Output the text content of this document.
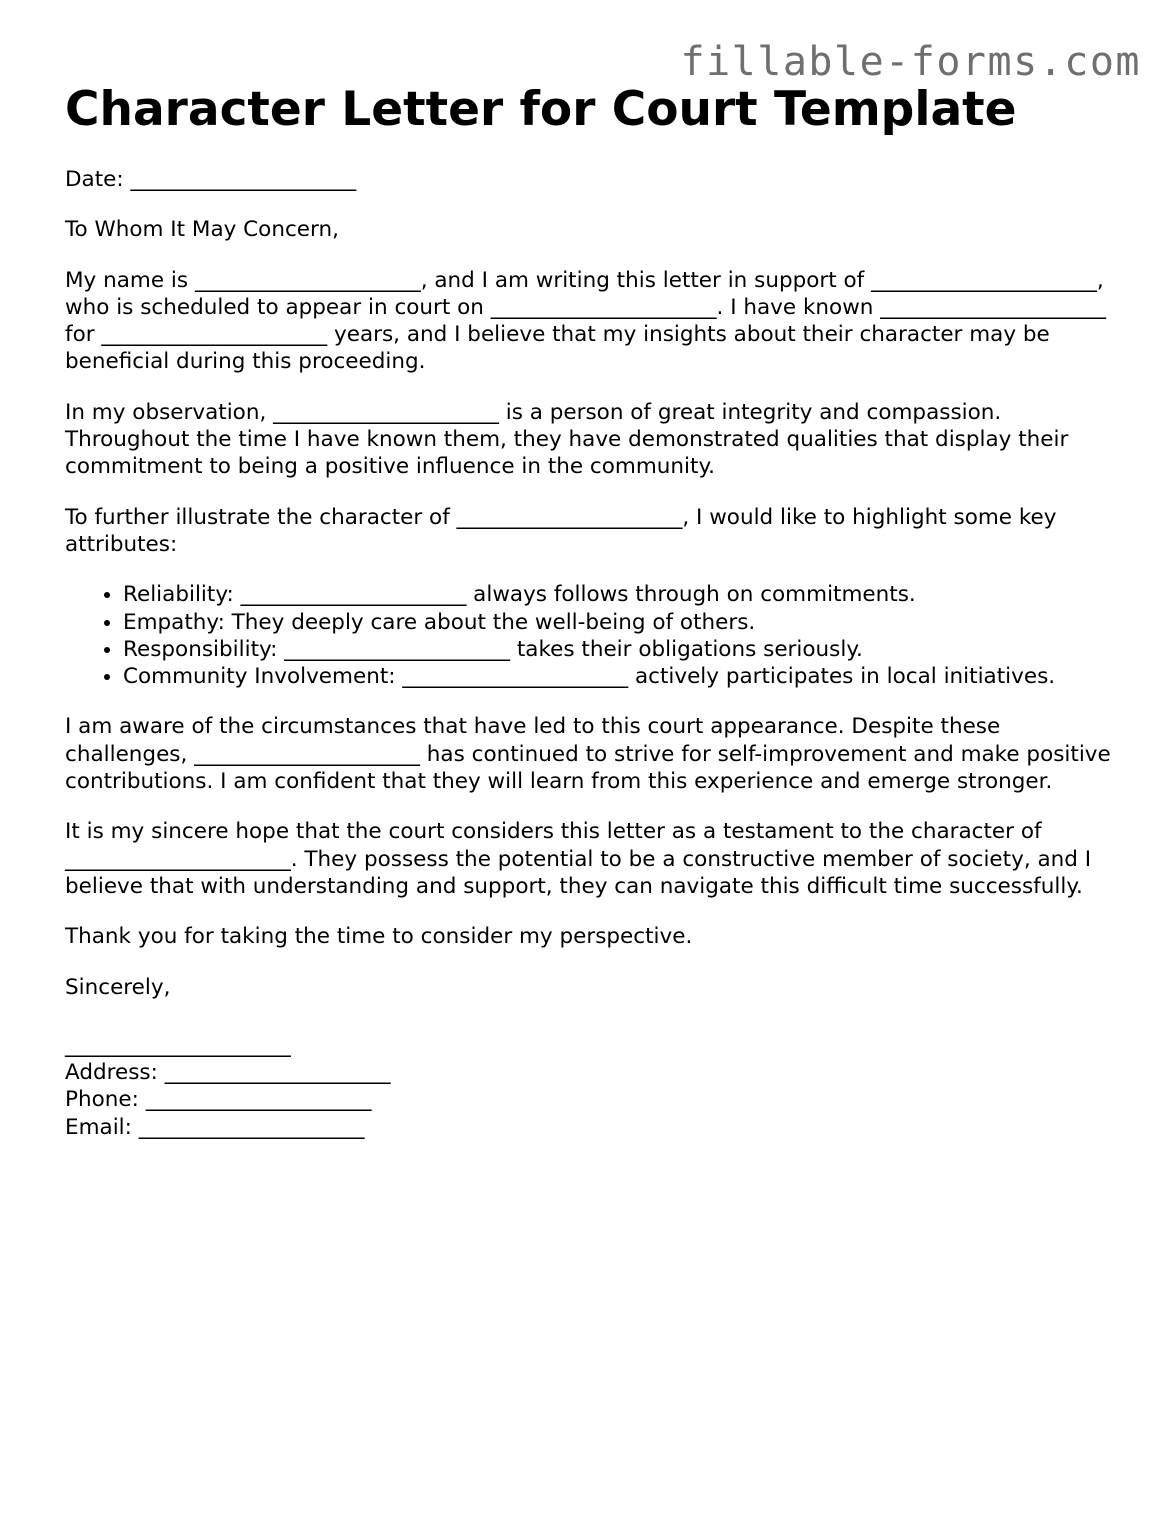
fillable-forms.com
Character Letter for Court Template

Date: _____________________

To Whom It May Concern,

My name is _____________________, and I am writing this letter in support of _____________________, who is scheduled to appear in court on _____________________. I have known _____________________ for _____________________ years, and I believe that my insights about their character may be beneficial during this proceeding.

In my observation, _____________________ is a person of great integrity and compassion. Throughout the time I have known them, they have demonstrated qualities that display their commitment to being a positive influence in the community.

To further illustrate the character of _____________________, I would like to highlight some key attributes:

• Reliability: _____________________ always follows through on commitments.
• Empathy: They deeply care about the well-being of others.
• Responsibility: _____________________ takes their obligations seriously.
• Community Involvement: _____________________ actively participates in local initiatives.

I am aware of the circumstances that have led to this court appearance. Despite these challenges, _____________________ has continued to strive for self-improvement and make positive contributions. I am confident that they will learn from this experience and emerge stronger.

It is my sincere hope that the court considers this letter as a testament to the character of _____________________. They possess the potential to be a constructive member of society, and I believe that with understanding and support, they can navigate this difficult time successfully.

Thank you for taking the time to consider my perspective.

Sincerely,

_____________________

Address: _____________________

Phone: _____________________

Email: _____________________
